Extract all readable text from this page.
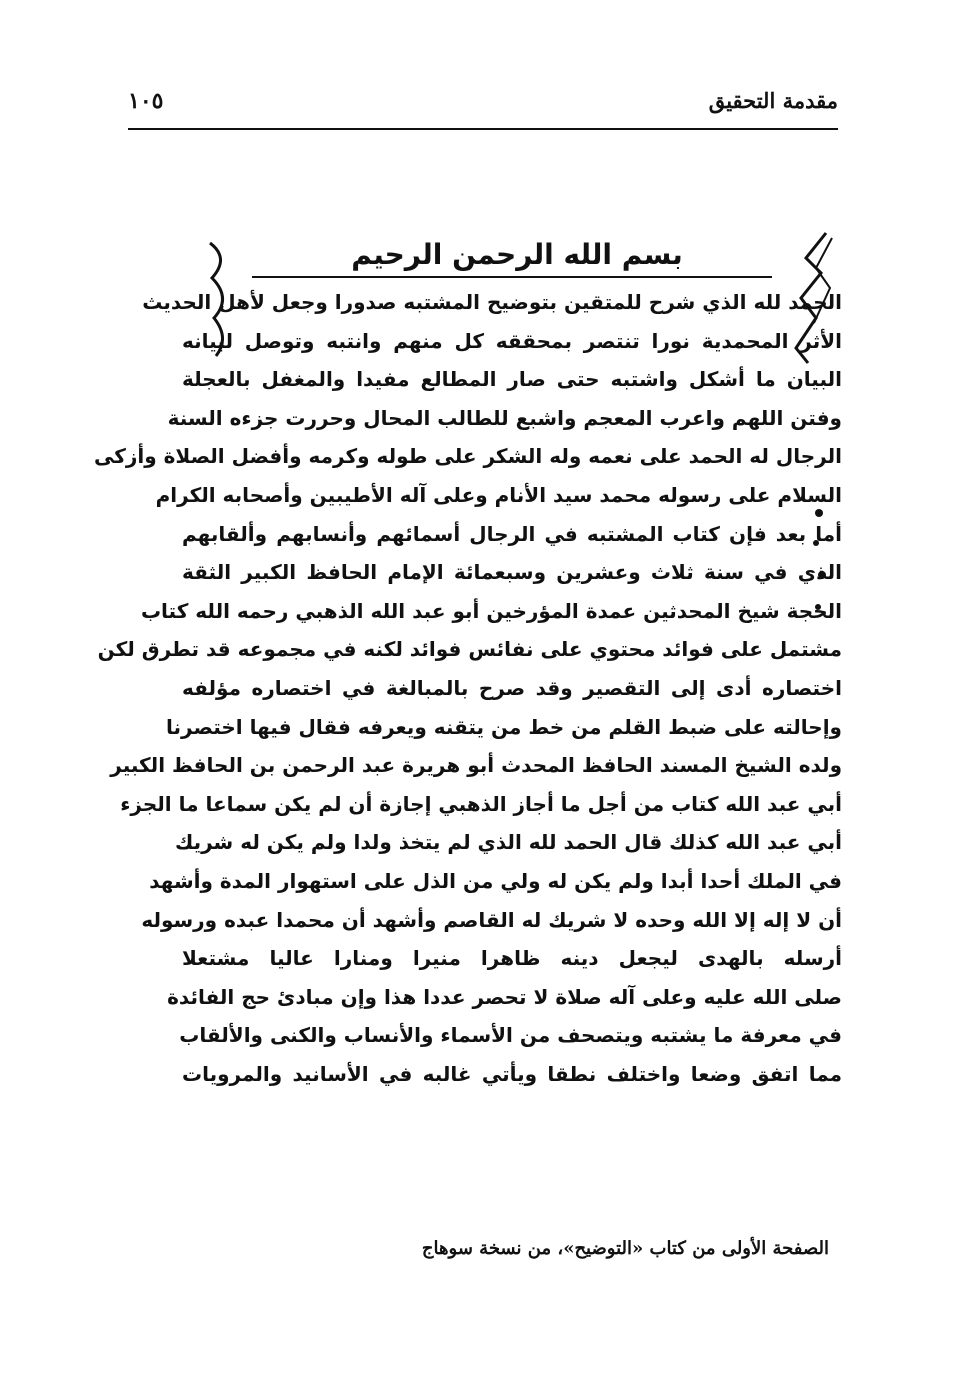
مقدمة التحقيق
١٠٥
بسم الله الرحمن الرحيم
الحمد لله الذي شرح للمتقين بتوضيح المشتبه صدورا وجعل لأهل الحديث
الأثر المحمدية نورا تنتصر بمحققه كل منهم وانتبه وتوصل لبيانه
البيان ما أشكل واشتبه حتى صار المطالع مفيدا والمغفل بالعجلة
وفتن اللهم واعرب المعجم واشبع للطالب المحال وحررت جزءه السنة
الرجال له الحمد على نعمه وله الشكر على طوله وكرمه وأفضل الصلاة وأزكى
السلام على رسوله محمد سيد الأنام وعلى آله الأطيبين وأصحابه الكرام
أما بعد فإن كتاب المشتبه في الرجال أسمائهم وأنسابهم وألقابهم
الذي في سنة ثلاث وعشرين وسبعمائة الإمام الحافظ الكبير الثقة
الحجة شيخ المحدثين عمدة المؤرخين أبو عبد الله الذهبي رحمه الله كتاب
مشتمل على فوائد محتوي على نفائس فوائد لكنه في مجموعه قد تطرق لكن
اختصاره أدى إلى التقصير وقد صرح بالمبالغة في اختصاره مؤلفه
وإحالته على ضبط القلم من خط من يتقنه ويعرفه فقال فيها اختصرنا
ولده الشيخ المسند الحافظ المحدث أبو هريرة عبد الرحمن بن الحافظ الكبير
أبي عبد الله كتاب من أجل ما أجاز الذهبي إجازة أن لم يكن سماعا ما الجزء
أبي عبد الله كذلك قال الحمد لله الذي لم يتخذ ولدا ولم يكن له شريك
في الملك أحدا أبدا ولم يكن له ولي من الذل على استهوار المدة وأشهد
أن لا إله إلا الله وحده لا شريك له القاصم وأشهد أن محمدا عبده ورسوله
أرسله بالهدى ليجعل دينه ظاهرا منيرا ومنارا عاليا مشتعلا
صلى الله عليه وعلى آله صلاة لا تحصر عددا هذا وإن مبادئ حج الفائدة
في معرفة ما يشتبه ويتصحف من الأسماء والأنساب والكنى والألقاب
مما اتفق وضعا واختلف نطقا ويأتي غالبه في الأسانيد والمرويات
الصفحة الأولى من كتاب «التوضيح»، من نسخة سوهاج
